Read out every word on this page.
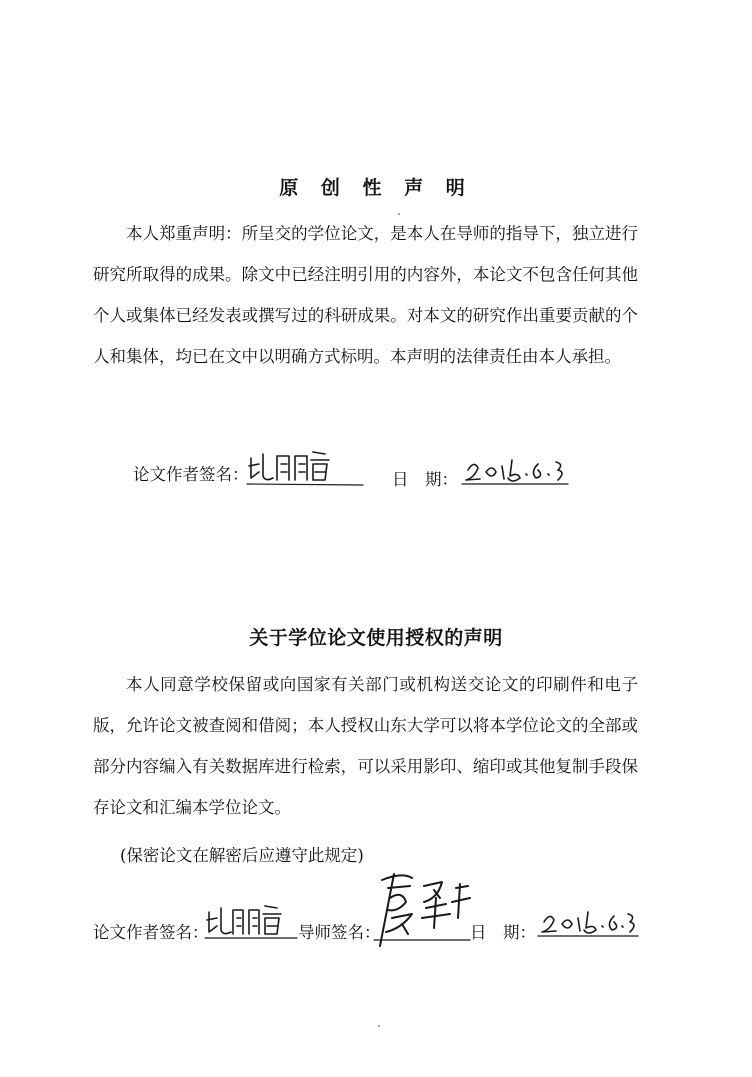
原 创 性 声 明

本人郑重声明：所呈交的学位论文，是本人在导师的指导下，独立进行研究所取得的成果。除文中已经注明引用的内容外，本论文不包含任何其他个人或集体已经发表或撰写过的科研成果。对本文的研究作出重要贡献的个人和集体，均已在文中以明确方式标明。本声明的法律责任由本人承担。

论文作者签名：	日　期：
关于学位论文使用授权的声明

本人同意学校保留或向国家有关部门或机构送交论文的印刷件和电子版，允许论文被查阅和借阅；本人授权山东大学可以将本学位论文的全部或部分内容编入有关数据库进行检索，可以采用影印、缩印或其他复制手段保存论文和汇编本学位论文。

(保密论文在解密后应遵守此规定)

论文作者签名：	导师签名：	日　期：
